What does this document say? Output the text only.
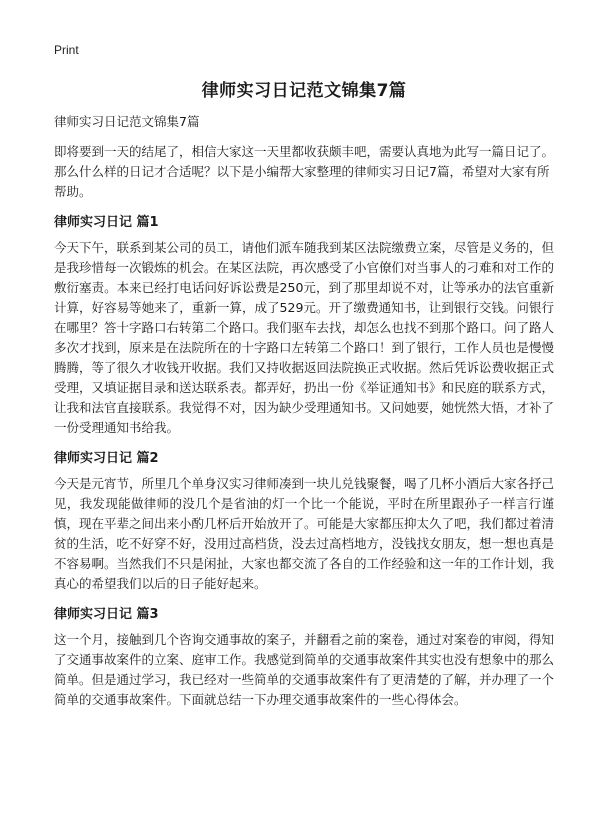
Print

律师实习日记范文锦集7篇

律师实习日记范文锦集7篇

即将要到一天的结尾了，相信大家这一天里都收获颇丰吧，需要认真地为此写一篇日记了。那么什么样的日记才合适呢？以下是小编帮大家整理的律师实习日记7篇，希望对大家有所帮助。

律师实习日记 篇1

今天下午，联系到某公司的员工，请他们派车随我到某区法院缴费立案，尽管是义务的，但是我珍惜每一次锻炼的机会。在某区法院，再次感受了小官僚们对当事人的刁难和对工作的敷衍塞责。本来已经打电话问好诉讼费是250元，到了那里却说不对，让等承办的法官重新计算，好容易等她来了，重新一算，成了529元。开了缴费通知书，让到银行交钱。问银行在哪里？答十字路口右转第二个路口。我们驱车去找，却怎么也找不到那个路口。问了路人多次才找到，原来是在法院所在的十字路口左转第二个路口！到了银行，工作人员也是慢慢腾腾，等了很久才收钱开收据。我们又持收据返回法院换正式收据。然后凭诉讼费收据正式受理，又填证据目录和送达联系表。都弄好，扔出一份《举证通知书》和民庭的联系方式，让我和法官直接联系。我觉得不对，因为缺少受理通知书。又问她要，她恍然大悟，才补了一份受理通知书给我。

律师实习日记 篇2

今天是元宵节，所里几个单身汉实习律师凑到一块儿兑钱聚餐，喝了几杯小酒后大家各抒己见，我发现能做律师的没几个是省油的灯一个比一个能说，平时在所里跟孙子一样言行谨慎，现在平辈之间出来小酌几杯后开始放开了。可能是大家都压抑太久了吧，我们都过着清贫的生活，吃不好穿不好，没用过高档货，没去过高档地方，没钱找女朋友，想一想也真是不容易啊。当然我们不只是闲扯，大家也都交流了各自的工作经验和这一年的工作计划，我真心的希望我们以后的日子能好起来。

律师实习日记 篇3

这一个月，接触到几个咨询交通事故的案子，并翻看之前的案卷，通过对案卷的审阅，得知了交通事故案件的立案、庭审工作。我感觉到简单的交通事故案件其实也没有想象中的那么简单。但是通过学习，我已经对一些简单的交通事故案件有了更清楚的了解，并办理了一个简单的交通事故案件。下面就总结一下办理交通事故案件的一些心得体会。
